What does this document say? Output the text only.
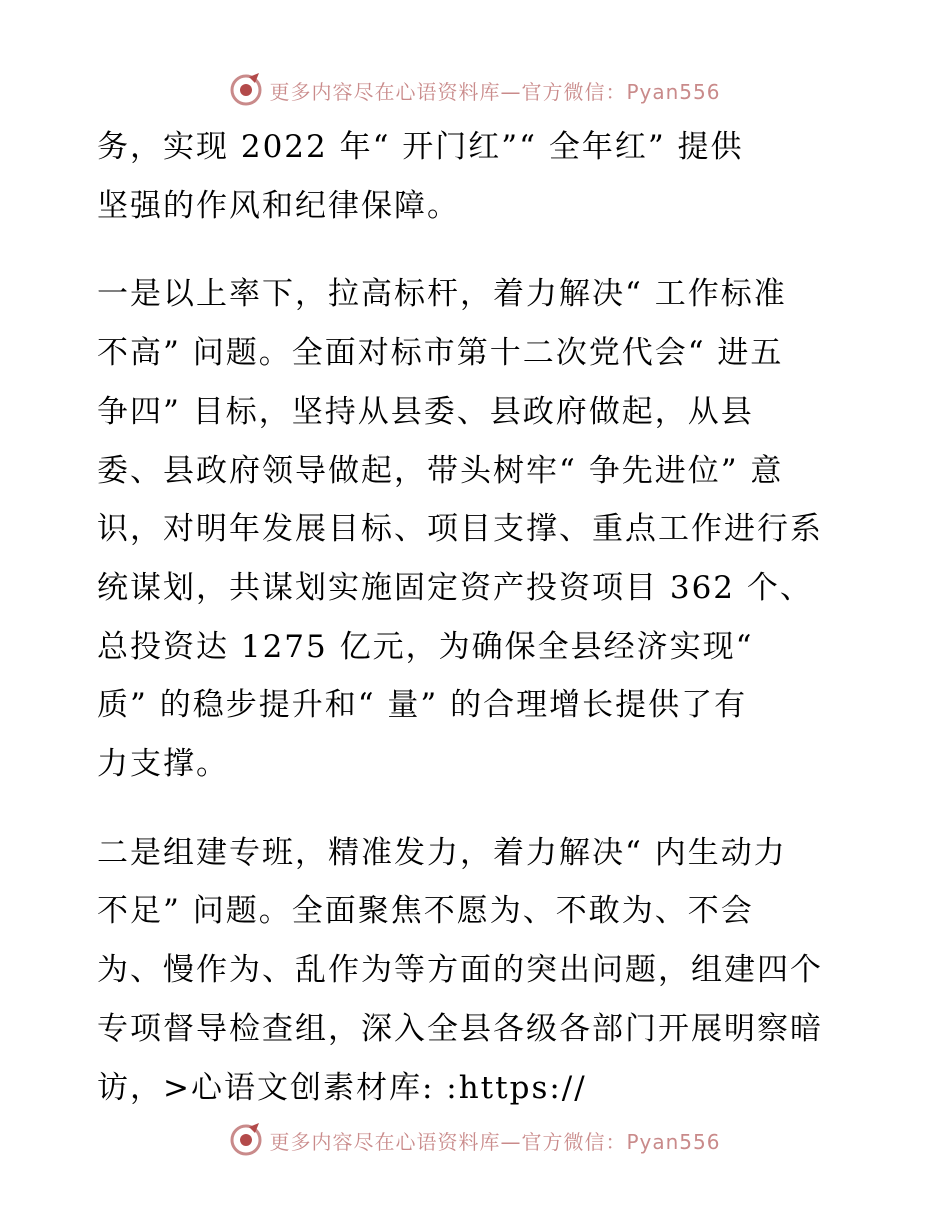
更多内容尽在心语资料库—官方微信：Pyan556

务，实现 2022 年“ 开门红”“ 全年红” 提供
坚强的作风和纪律保障。

一是以上率下，拉高标杆，着力解决“ 工作标准
不高” 问题。全面对标市第十二次党代会“ 进五
争四” 目标，坚持从县委、县政府做起，从县
委、县政府领导做起，带头树牢“ 争先进位” 意
识，对明年发展目标、项目支撑、重点工作进行系
统谋划，共谋划实施固定资产投资项目 362 个、
总投资达 1275 亿元，为确保全县经济实现“
质” 的稳步提升和“ 量” 的合理增长提供了有
力支撑。

二是组建专班，精准发力，着力解决“ 内生动力
不足” 问题。全面聚焦不愿为、不敢为、不会
为、慢作为、乱作为等方面的突出问题，组建四个
专项督导检查组，深入全县各级各部门开展明察暗
访，>心语文创素材库: :https://

更多内容尽在心语资料库—官方微信：Pyan556
